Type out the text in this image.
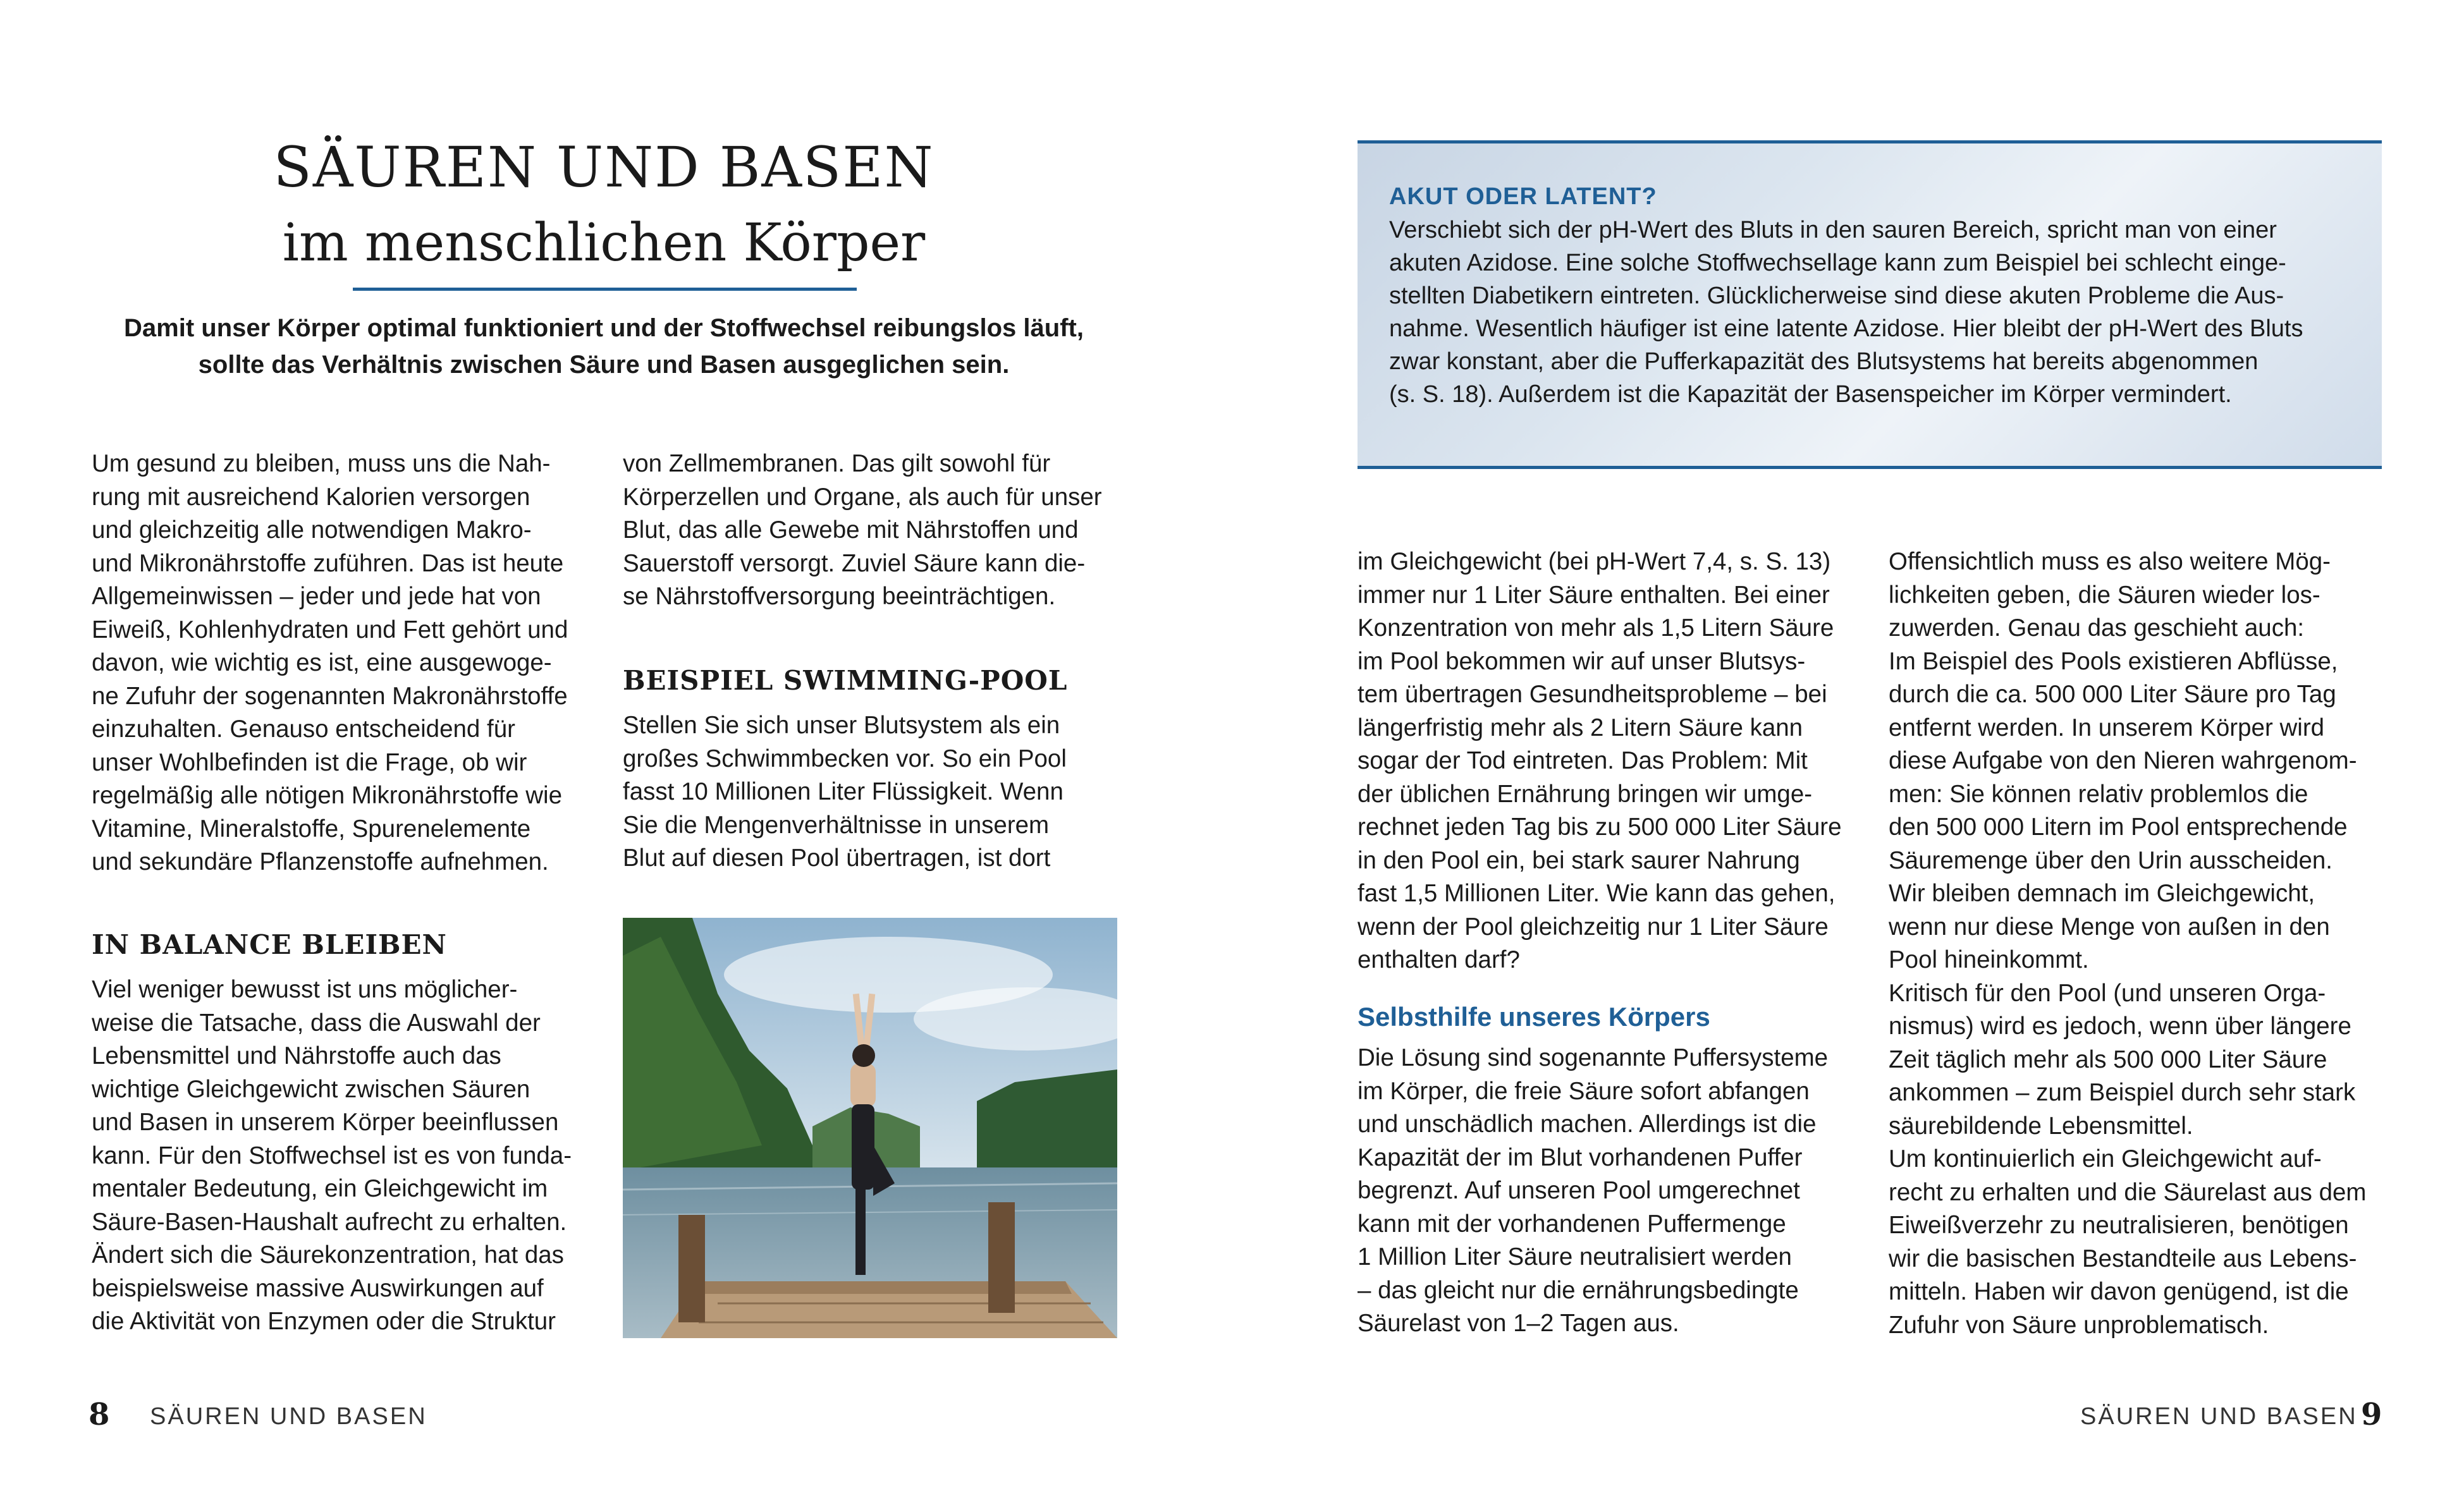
SÄUREN UND BASEN
im menschlichen Körper
Damit unser Körper optimal funktioniert und der Stoffwechsel reibungslos läuft,
sollte das Verhältnis zwischen Säure und Basen ausgeglichen sein.
Um gesund zu bleiben, muss uns die Nah-
rung mit ausreichend Kalorien versorgen
und gleichzeitig alle notwendigen Makro-
und Mikronährstoffe zuführen. Das ist heute
Allgemeinwissen – jeder und jede hat von
Eiweiß, Kohlenhydraten und Fett gehört und
davon, wie wichtig es ist, eine ausgewoge-
ne Zufuhr der sogenannten Makronährstoffe
einzuhalten. Genauso entscheidend für
unser Wohlbefinden ist die Frage, ob wir
regelmäßig alle nötigen Mikronährstoffe wie
Vitamine, Mineralstoffe, Spurenelemente
und sekundäre Pflanzenstoffe aufnehmen.
IN BALANCE BLEIBEN
Viel weniger bewusst ist uns möglicher-
weise die Tatsache, dass die Auswahl der
Lebensmittel und Nährstoffe auch das
wichtige Gleichgewicht zwischen Säuren
und Basen in unserem Körper beeinflussen
kann. Für den Stoffwechsel ist es von funda-
mentaler Bedeutung, ein Gleichgewicht im
Säure-Basen-Haushalt aufrecht zu erhalten.
Ändert sich die Säurekonzentration, hat das
beispielsweise massive Auswirkungen auf
die Aktivität von Enzymen oder die Struktur
von Zellmembranen. Das gilt sowohl für
Körperzellen und Organe, als auch für unser
Blut, das alle Gewebe mit Nährstoffen und
Sauerstoff versorgt. Zuviel Säure kann die-
se Nährstoffversorgung beeinträchtigen.
BEISPIEL SWIMMING-POOL
Stellen Sie sich unser Blutsystem als ein
großes Schwimmbecken vor. So ein Pool
fasst 10 Millionen Liter Flüssigkeit. Wenn
Sie die Mengenverhältnisse in unserem
Blut auf diesen Pool übertragen, ist dort
8 SÄUREN UND BASEN
AKUT ODER LATENT?
Verschiebt sich der pH-Wert des Bluts in den sauren Bereich, spricht man von einer
akuten Azidose. Eine solche Stoffwechsellage kann zum Beispiel bei schlecht einge-
stellten Diabetikern eintreten. Glücklicherweise sind diese akuten Probleme die Aus-
nahme. Wesentlich häufiger ist eine latente Azidose. Hier bleibt der pH-Wert des Bluts
zwar konstant, aber die Pufferkapazität des Blutsystems hat bereits abgenommen
(s. S. 18). Außerdem ist die Kapazität der Basenspeicher im Körper vermindert.
im Gleichgewicht (bei pH-Wert 7,4, s. S. 13)
immer nur 1 Liter Säure enthalten. Bei einer
Konzentration von mehr als 1,5 Litern Säure
im Pool bekommen wir auf unser Blutsys-
tem übertragen Gesundheitsprobleme – bei
längerfristig mehr als 2 Litern Säure kann
sogar der Tod eintreten. Das Problem: Mit
der üblichen Ernährung bringen wir umge-
rechnet jeden Tag bis zu 500 000 Liter Säure
in den Pool ein, bei stark saurer Nahrung
fast 1,5 Millionen Liter. Wie kann das gehen,
wenn der Pool gleichzeitig nur 1 Liter Säure
enthalten darf?
Selbsthilfe unseres Körpers
Die Lösung sind sogenannte Puffersysteme
im Körper, die freie Säure sofort abfangen
und unschädlich machen. Allerdings ist die
Kapazität der im Blut vorhandenen Puffer
begrenzt. Auf unseren Pool umgerechnet
kann mit der vorhandenen Puffermenge
1 Million Liter Säure neutralisiert werden
– das gleicht nur die ernährungsbedingte
Säurelast von 1–2 Tagen aus.
Offensichtlich muss es also weitere Mög-
lichkeiten geben, die Säuren wieder los-
zuwerden. Genau das geschieht auch:
Im Beispiel des Pools existieren Abflüsse,
durch die ca. 500 000 Liter Säure pro Tag
entfernt werden. In unserem Körper wird
diese Aufgabe von den Nieren wahrgenom-
men: Sie können relativ problemlos die
den 500 000 Litern im Pool entsprechende
Säuremenge über den Urin ausscheiden.
Wir bleiben demnach im Gleichgewicht,
wenn nur diese Menge von außen in den
Pool hineinkommt.
Kritisch für den Pool (und unseren Orga-
nismus) wird es jedoch, wenn über längere
Zeit täglich mehr als 500 000 Liter Säure
ankommen – zum Beispiel durch sehr stark
säurebildende Lebensmittel.
Um kontinuierlich ein Gleichgewicht auf-
recht zu erhalten und die Säurelast aus dem
Eiweißverzehr zu neutralisieren, benötigen
wir die basischen Bestandteile aus Lebens-
mitteln. Haben wir davon genügend, ist die
Zufuhr von Säure unproblematisch.
SÄUREN UND BASEN 9
